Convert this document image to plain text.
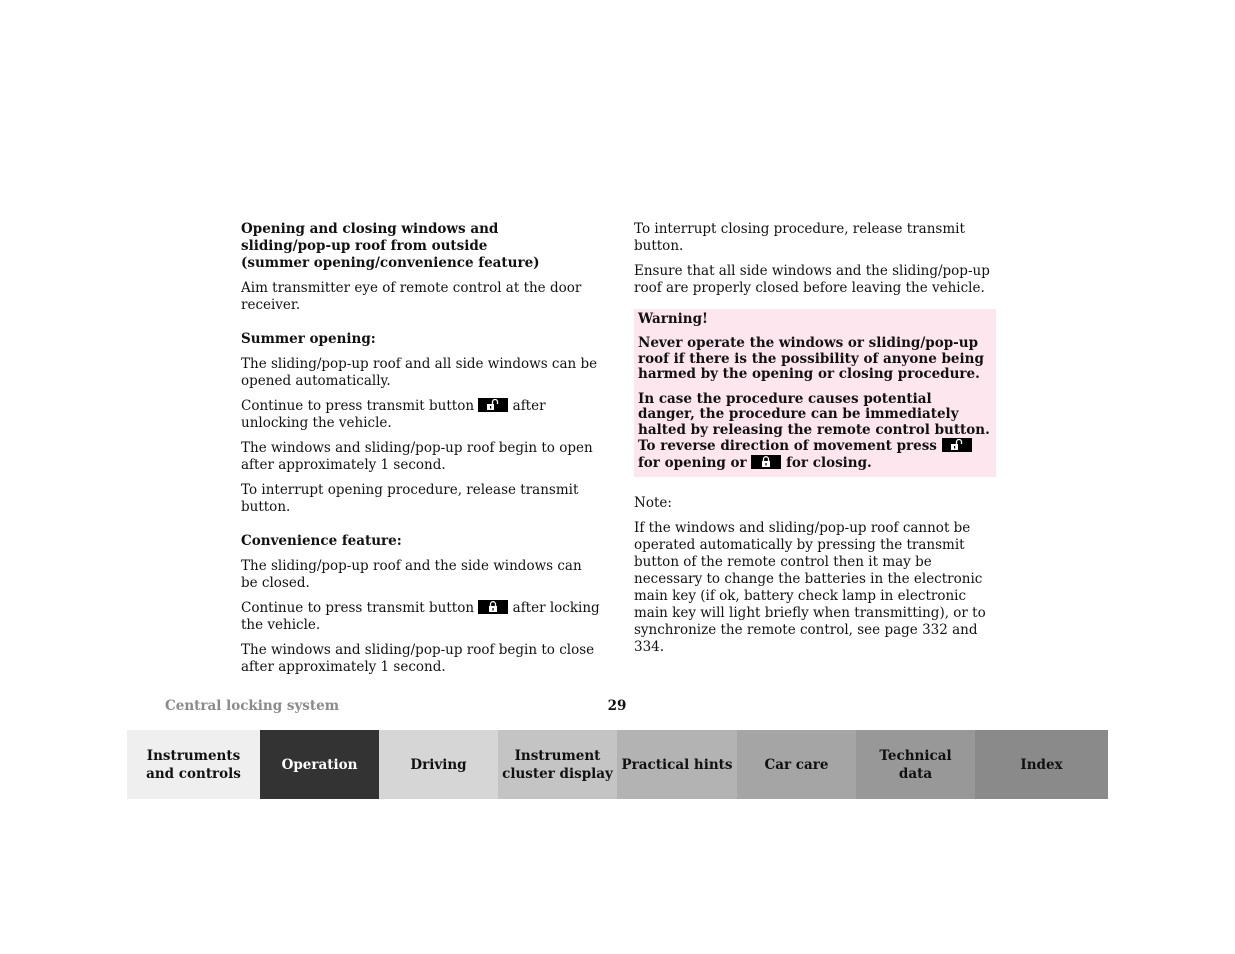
Opening and closing windows and
sliding/pop-up roof from outside
(summer opening/convenience feature)

Aim transmitter eye of remote control at the door receiver.

Summer opening:

The sliding/pop-up roof and all side windows can be opened automatically.

Continue to press transmit button	after unlocking the vehicle.

The windows and sliding/pop-up roof begin to open after approximately 1 second.

To interrupt opening procedure, release transmit button.

Convenience feature:

The sliding/pop-up roof and the side windows can be closed.

Continue to press transmit button	after locking the vehicle.

The windows and sliding/pop-up roof begin to close after approximately 1 second.

To interrupt closing procedure, release transmit button.

Ensure that all side windows and the sliding/pop-up roof are properly closed before leaving the vehicle.

Warning!

Never operate the windows or sliding/pop-up roof if there is the possibility of anyone being harmed by the opening or closing procedure.

In case the procedure causes potential danger, the procedure can be immediately halted by releasing the remote control button. To reverse direction of movement press
for opening or	for closing.

Note:

If the windows and sliding/pop-up roof cannot be operated automatically by pressing the transmit button of the remote control then it may be necessary to change the batteries in the electronic main key (if ok, battery check lamp in electronic main key will light briefly when transmitting), or to synchronize the remote control, see page 332 and 334.

Central locking system	29
Instruments
and controls
Operation	Driving
Instrument
cluster display
Practical hints	Car care
Technical
data
Index
